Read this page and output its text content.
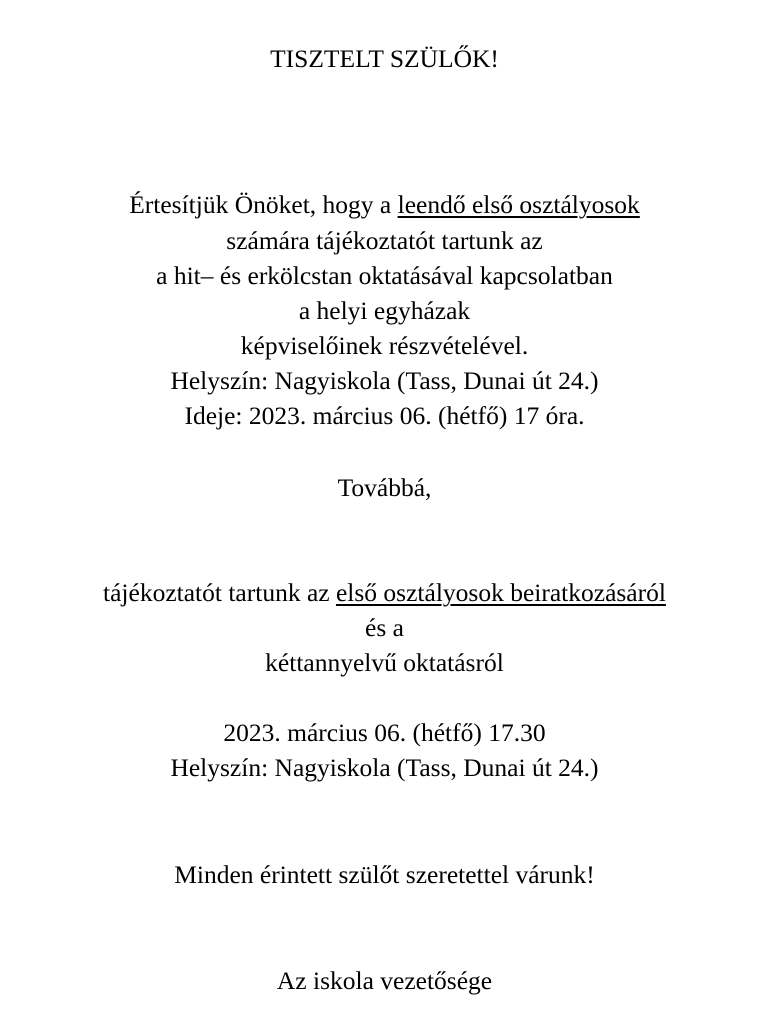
TISZTELT SZÜLŐK!
Értesítjük Önöket, hogy a leendő első osztályosok
számára tájékoztatót tartunk az
a hit– és erkölcstan oktatásával kapcsolatban
a helyi egyházak
képviselőinek részvételével.
Helyszín: Nagyiskola (Tass, Dunai út 24.)
Ideje: 2023. március 06. (hétfő) 17 óra.
Továbbá,
tájékoztatót tartunk az első osztályosok beiratkozásáról
és a
kéttannyelvű oktatásról
2023. március 06. (hétfő) 17.30
Helyszín: Nagyiskola (Tass, Dunai út 24.)
Minden érintett szülőt szeretettel várunk!
Az iskola vezetősége
